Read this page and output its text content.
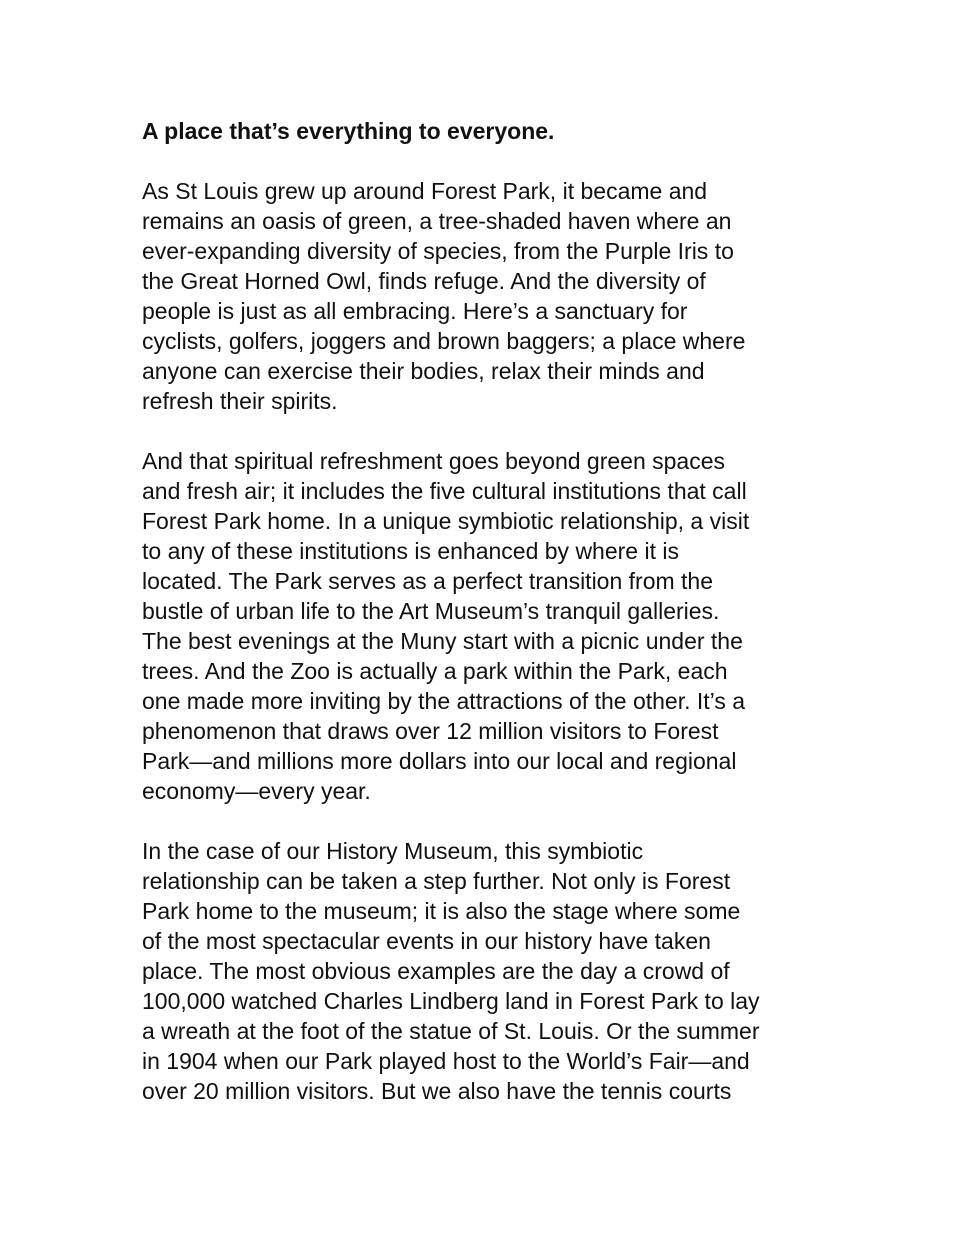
A place that’s everything to everyone.
As St Louis grew up around Forest Park, it became and
remains an oasis of green, a tree-shaded haven where an
ever-expanding diversity of species, from the Purple Iris to
the Great Horned Owl, finds refuge. And the diversity of
people is just as all embracing. Here’s a sanctuary for
cyclists, golfers, joggers and brown baggers; a place where
anyone can exercise their bodies, relax their minds and
refresh their spirits.
And that spiritual refreshment goes beyond green spaces
and fresh air; it includes the five cultural institutions that call
Forest Park home. In a unique symbiotic relationship, a visit
to any of these institutions is enhanced by where it is
located. The Park serves as a perfect transition from the
bustle of urban life to the Art Museum’s tranquil galleries.
The best evenings at the Muny start with a picnic under the
trees. And the Zoo is actually a park within the Park, each
one made more inviting by the attractions of the other. It’s a
phenomenon that draws over 12 million visitors to Forest
Park—and millions more dollars into our local and regional
economy—every year.
In the case of our History Museum, this symbiotic
relationship can be taken a step further. Not only is Forest
Park home to the museum; it is also the stage where some
of the most spectacular events in our history have taken
place. The most obvious examples are the day a crowd of
100,000 watched Charles Lindberg land in Forest Park to lay
a wreath at the foot of the statue of St. Louis. Or the summer
in 1904 when our Park played host to the World’s Fair—and
over 20 million visitors. But we also have the tennis courts
